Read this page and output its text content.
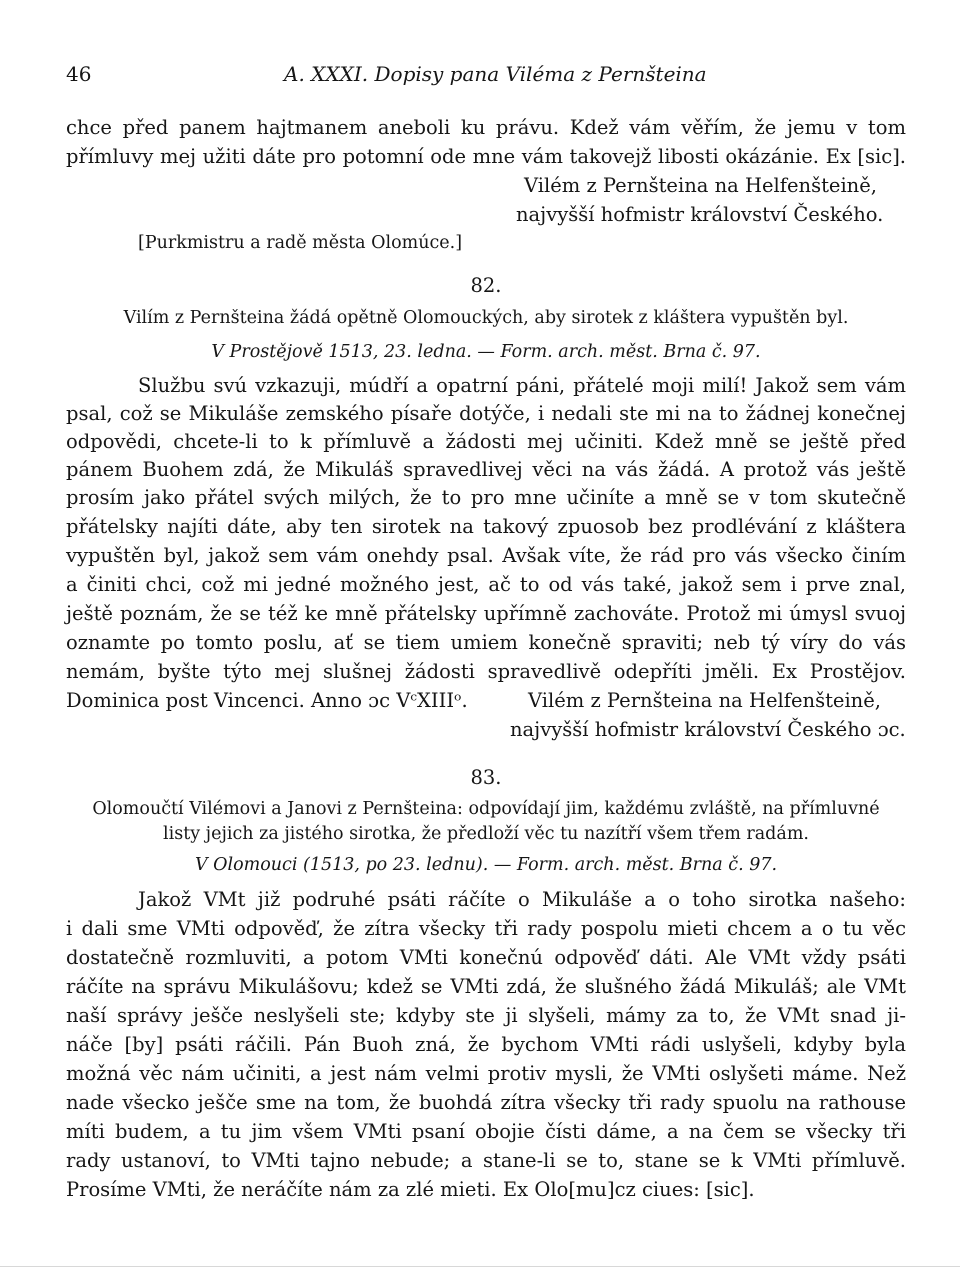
46	A. XXXI. Dopisy pana Viléma z Pernšteina
chce před panem hajtmanem aneboli ku právu. Kdež vám věřím, že jemu v tom
přímluvy mej užiti dáte pro potomní ode mne vám takovejž libosti okázánie. Ex [sic].
Vilém z Pernšteina na Helfenšteině,
najvyšší hofmistr království Českého.
[Purkmistru a radě města Olomúce.]
82.
Vilím z Pernšteina žádá opětně Olomouckých, aby sirotek z kláštera vypuštěn byl.
V Prostějově 1513, 23. ledna. — Form. arch. měst. Brna č. 97.
Službu svú vzkazuji, múdří a opatrní páni, přátelé moji milí! Jakož sem vám
psal, což se Mikuláše zemského písaře dotýče, i nedali ste mi na to žádnej konečnej
odpovědi, chcete-li to k přímluvě a žádosti mej učiniti. Kdež mně se ještě před
pánem Buohem zdá, že Mikuláš spravedlivej věci na vás žádá. A protož vás ještě
prosím jako přátel svých milých, že to pro mne učiníte a mně se v tom skutečně
přátelsky najíti dáte, aby ten sirotek na takový zpuosob bez prodlévání z kláštera
vypuštěn byl, jakož sem vám onehdy psal. Avšak víte, že rád pro vás všecko činím
a činiti chci, což mi jedné možného jest, ač to od vás také, jakož sem i prve znal,
ještě poznám, že se též ke mně přátelsky upřímně zachováte. Protož mi úmysl svuoj
oznamte po tomto poslu, ať se tiem umiem konečně spraviti; neb tý víry do vás
nemám, byšte týto mej slušnej žádosti spravedlivě odepříti jměli. Ex Prostějov.
Dominica post Vincenci. Anno ɔc VᶜXIIIᵒ.	Vilém z Pernšteina na Helfenšteině,
najvyšší hofmistr království Českého ɔc.
83.
Olomoučtí Vilémovi a Janovi z Pernšteina: odpovídají jim, každému zvláště, na přímluvné
listy jejich za jistého sirotka, že předloží věc tu nazítří všem třem radám.
V Olomouci (1513, po 23. lednu). — Form. arch. měst. Brna č. 97.
Jakož VMt již podruhé psáti ráčíte o Mikuláše a o toho sirotka našeho:
i dali sme VMti odpověď, že zítra všecky tři rady pospolu mieti chcem a o tu věc
dostatečně rozmluviti, a potom VMti konečnú odpověď dáti. Ale VMt vždy psáti
ráčíte na správu Mikulášovu; kdež se VMti zdá, že slušného žádá Mikuláš; ale VMt
naší správy ješče neslyšeli ste; kdyby ste ji slyšeli, mámy za to, že VMt snad ji-
náče [by] psáti ráčili. Pán Buoh zná, že bychom VMti rádi uslyšeli, kdyby byla
možná věc nám učiniti, a jest nám velmi protiv mysli, že VMti oslyšeti máme. Než
nade všecko ješče sme na tom, že buohdá zítra všecky tři rady spuolu na rathouse
míti budem, a tu jim všem VMti psaní obojie čísti dáme, a na čem se všecky tři
rady ustanoví, to VMti tajno nebude; a stane-li se to, stane se k VMti přímluvě.
Prosíme VMti, že neráčíte nám za zlé mieti. Ex Olo[mu]cz ciues: [sic].
